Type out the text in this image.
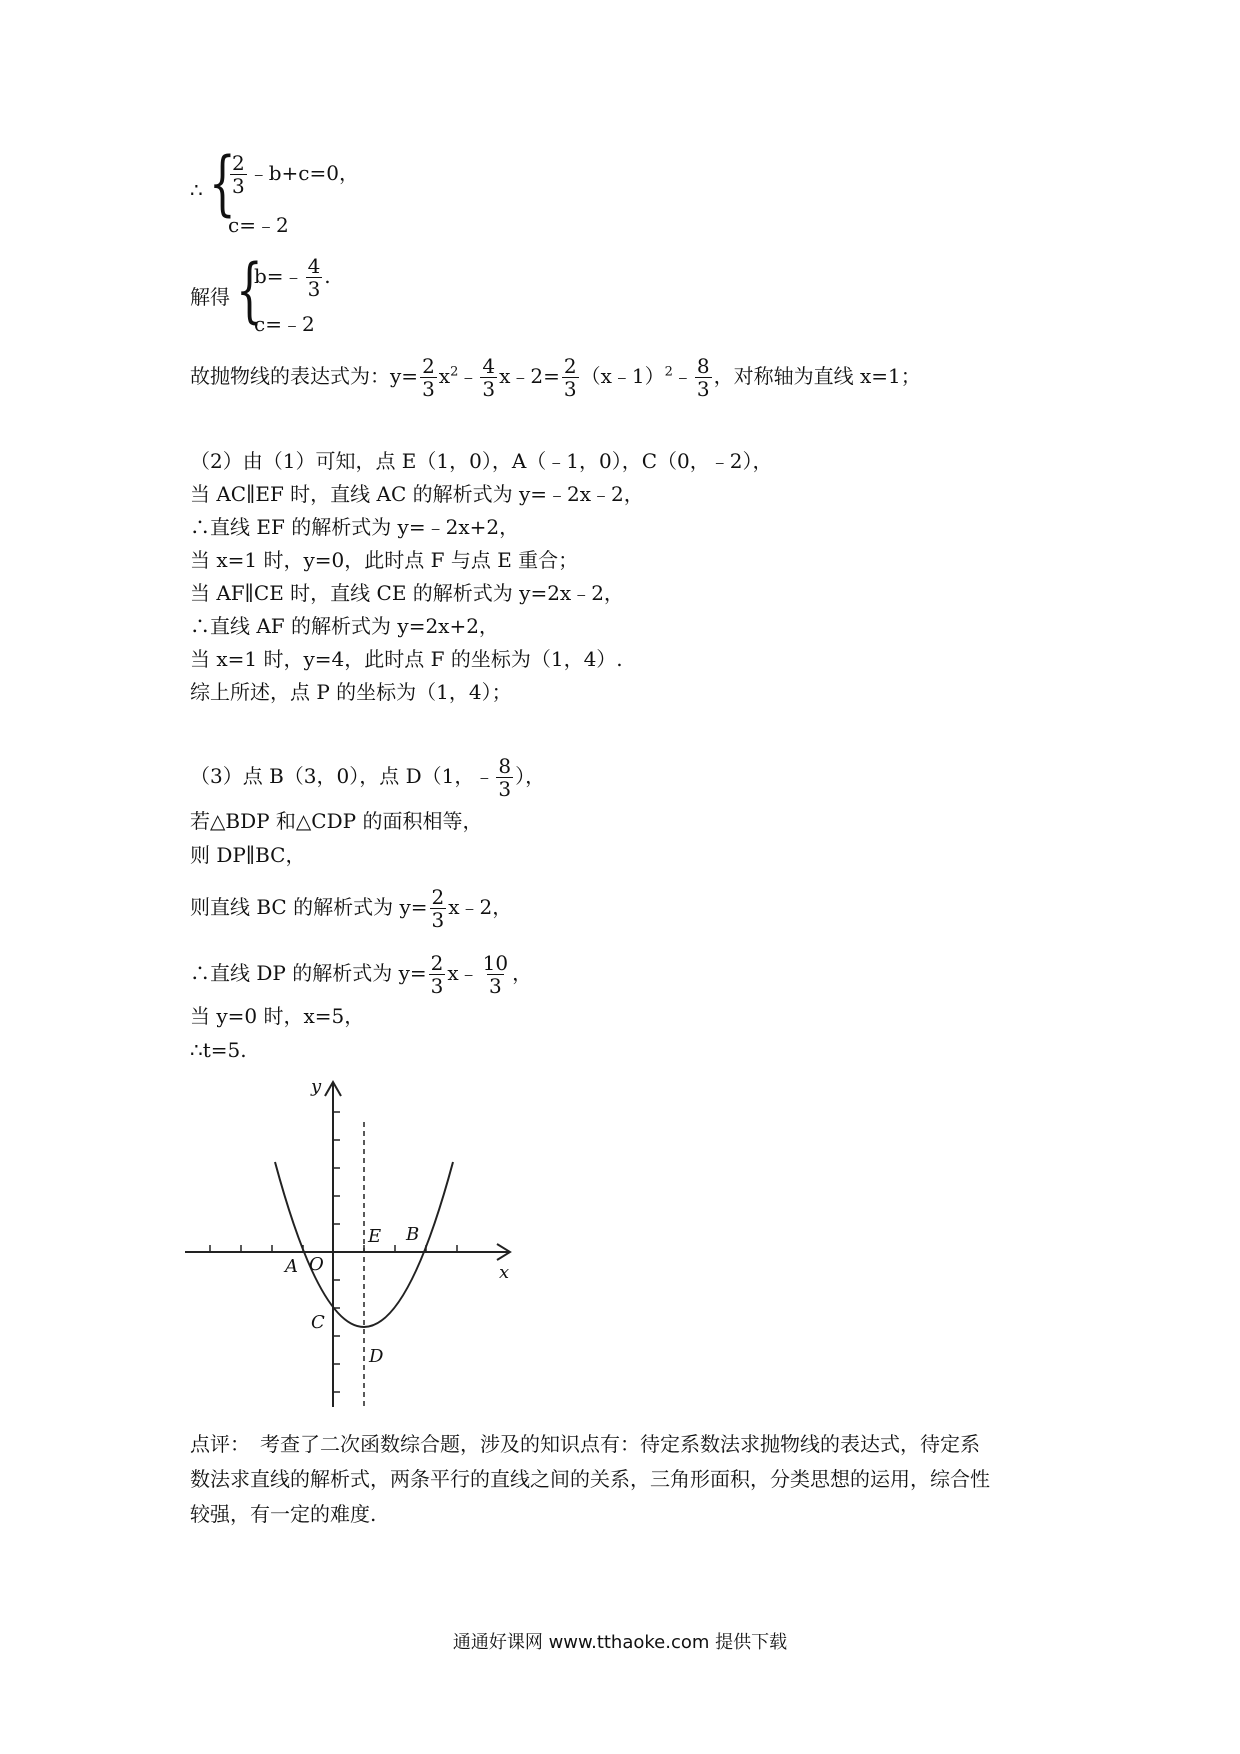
∴ {
$\frac{2}{3}$ ﹣b+c=0，
c=﹣2
解得 {
b=﹣ $\frac{4}{3}$ .
c=﹣2
故抛物线的表达式为：$y= \frac{2}{3}$ $x^2﹣ \frac{4}{3}$ x﹣2= $\frac{2}{3}$ （x﹣1）$^2$﹣ $\frac{8}{3}$ ，对称轴为直线 x=1；
（2）由（1）可知，点 E（1，0），A（﹣1，0），C（0，﹣2），
当 AC∥EF 时，直线 AC 的解析式为 y=﹣2x﹣2，
∴直线 EF 的解析式为 y=﹣2x+2，
当 x=1 时，y=0，此时点 F 与点 E 重合；
当 AF∥CE 时，直线 CE 的解析式为 y=2x﹣2，
∴直线 AF 的解析式为 y=2x+2，
当 x=1 时，y=4，此时点 F 的坐标为（1，4）.
综上所述，点 P 的坐标为（1，4）；
（3）点 B（3，0），点 D（1，﹣ $\frac{8}{3}$ ），
若△BDP 和△CDP 的面积相等，
则 DP∥BC，
则直线 BC 的解析式为 $y= \frac{2}{3}$ x﹣2，
∴直线 DP 的解析式为 $y= \frac{2}{3}$ x﹣ $\frac{10}{3}$ ，
当 y=0 时，x=5，
∴t=5.
y
x
A O
E B
C
D
点评：　考查了二次函数综合题，涉及的知识点有：待定系数法求抛物线的表达式，待定系
数法求直线的解析式，两条平行的直线之间的关系，三角形面积，分类思想的运用，综合性
较强，有一定的难度.
通通好课网 www.tthaoke.com 提供下载
